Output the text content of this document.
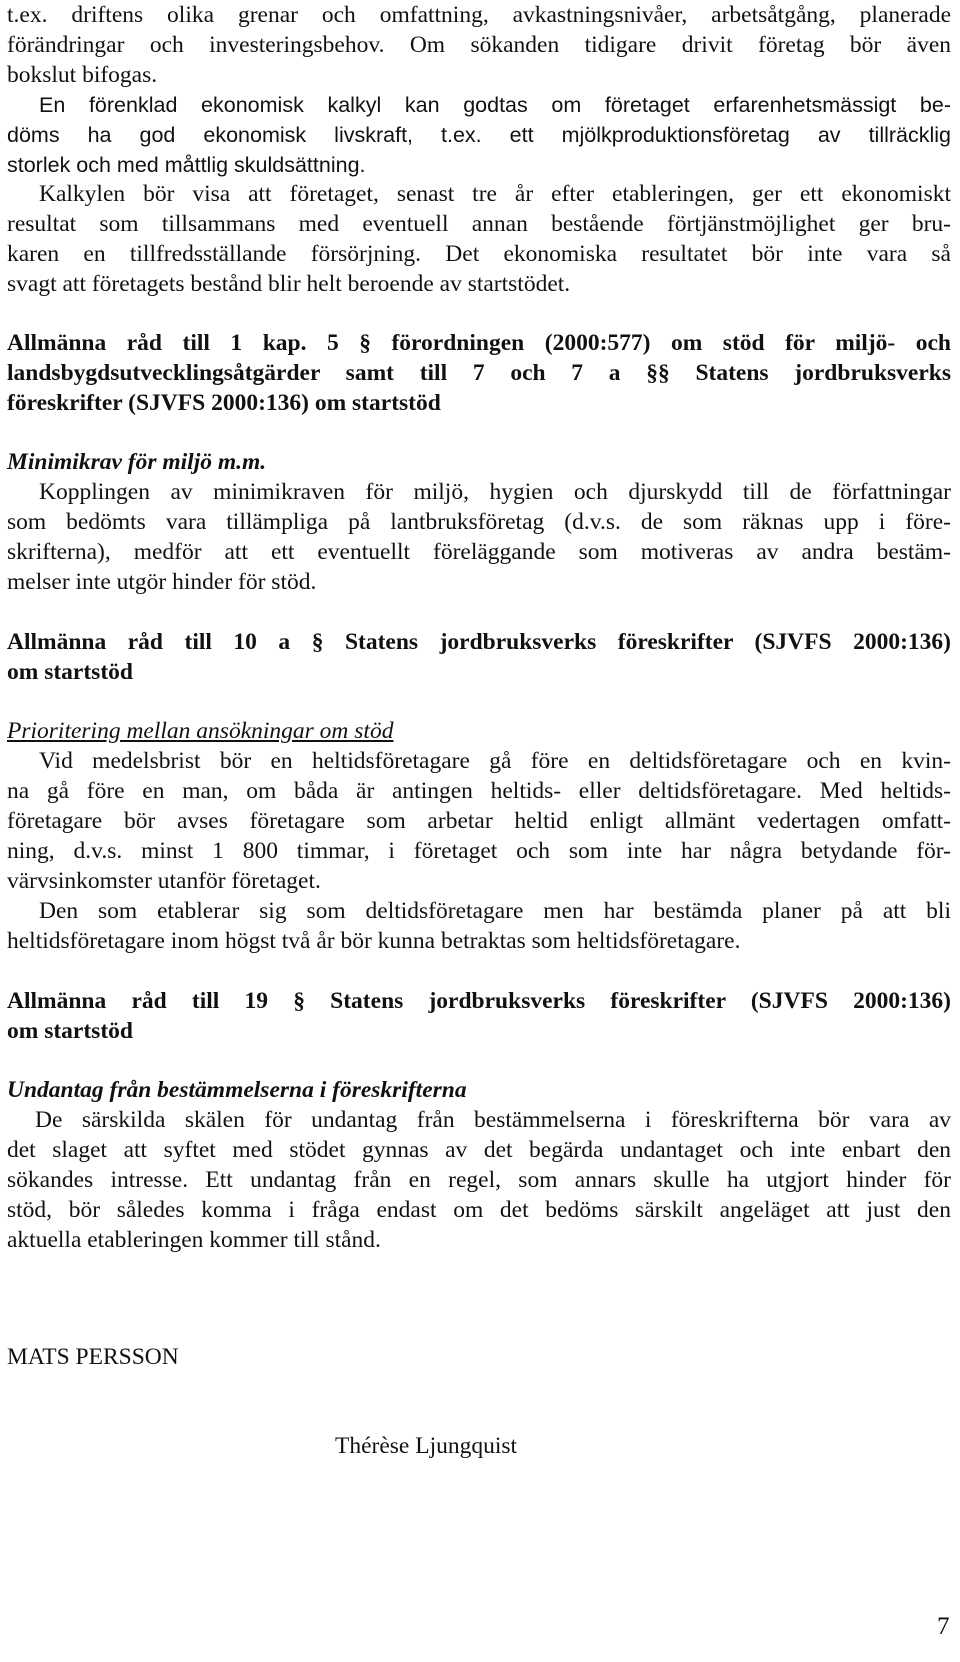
t.ex. driftens olika grenar och omfattning, avkastningsnivåer, arbetsåtgång, planerade
förändringar och investeringsbehov. Om sökanden tidigare drivit företag bör även
bokslut bifogas.
En förenklad ekonomisk kalkyl kan godtas om företaget erfarenhetsmässigt be-
döms ha god ekonomisk livskraft, t.ex. ett mjölkproduktionsföretag av tillräcklig
storlek och med måttlig skuldsättning.
Kalkylen bör visa att företaget, senast tre år efter etableringen, ger ett ekonomiskt
resultat som tillsammans med eventuell annan bestående förtjänstmöjlighet ger bru-
karen en tillfredsställande försörjning. Det ekonomiska resultatet bör inte vara så
svagt att företagets bestånd blir helt beroende av startstödet.
Allmänna råd till 1 kap. 5 § förordningen (2000:577) om stöd för miljö- och
landsbygdsutvecklingsåtgärder samt till 7 och 7 a §§ Statens jordbruksverks
föreskrifter (SJVFS 2000:136) om startstöd
Minimikrav för miljö m.m.
Kopplingen av minimikraven för miljö, hygien och djurskydd till de författningar
som bedömts vara tillämpliga på lantbruksföretag (d.v.s. de som räknas upp i före-
skrifterna), medför att ett eventuellt föreläggande som motiveras av andra bestäm-
melser inte utgör hinder för stöd.
Allmänna råd till 10 a § Statens jordbruksverks föreskrifter (SJVFS 2000:136)
om startstöd
Prioritering mellan ansökningar om stöd
Vid medelsbrist bör en heltidsföretagare gå före en deltidsföretagare och en kvin-
na gå före en man, om båda är antingen heltids- eller deltidsföretagare. Med heltids-
företagare bör avses företagare som arbetar heltid enligt allmänt vedertagen omfatt-
ning, d.v.s. minst 1 800 timmar, i företaget och som inte har några betydande för-
värvsinkomster utanför företaget.
Den som etablerar sig som deltidsföretagare men har bestämda planer på att bli
heltidsföretagare inom högst två år bör kunna betraktas som heltidsföretagare.
Allmänna råd till 19 § Statens jordbruksverks föreskrifter (SJVFS 2000:136)
om startstöd
Undantag från bestämmelserna i föreskrifterna
De särskilda skälen för undantag från bestämmelserna i föreskrifterna bör vara av
det slaget att syftet med stödet gynnas av det begärda undantaget och inte enbart den
sökandes intresse. Ett undantag från en regel, som annars skulle ha utgjort hinder för
stöd, bör således komma i fråga endast om det bedöms särskilt angeläget att just den
aktuella etableringen kommer till stånd.
MATS PERSSON
Thérèse Ljungquist
7
